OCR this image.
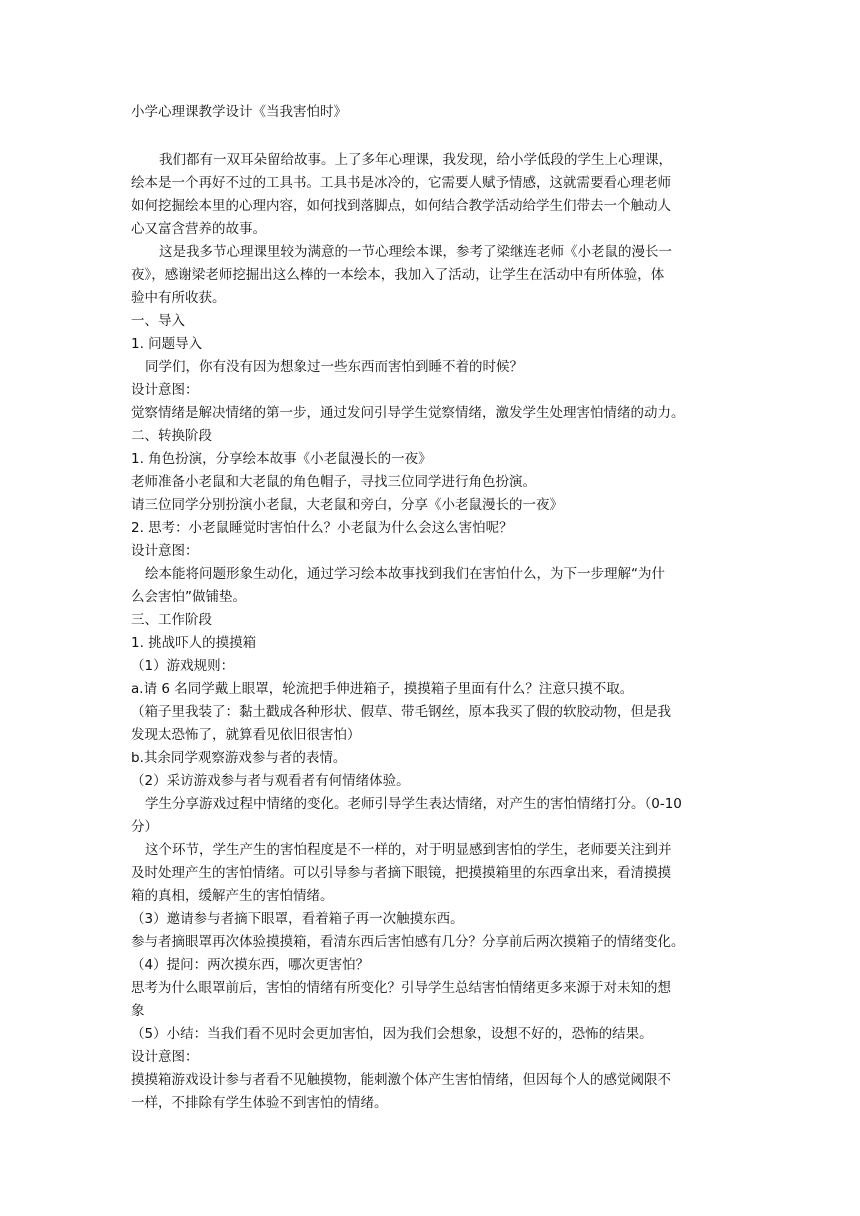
小学心理课教学设计《当我害怕时》

我们都有一双耳朵留给故事。上了多年心理课，我发现，给小学低段的学生上心理课，

绘本是一个再好不过的工具书。工具书是冰冷的，它需要人赋予情感，这就需要看心理老师

如何挖掘绘本里的心理内容，如何找到落脚点，如何结合教学活动给学生们带去一个触动人

心又富含营养的故事。

这是我多节心理课里较为满意的一节心理绘本课，参考了梁继连老师《小老鼠的漫长一

夜》，感谢梁老师挖掘出这么棒的一本绘本，我加入了活动，让学生在活动中有所体验，体

验中有所收获。

一、导入

1. 问题导入

同学们，你有没有因为想象过一些东西而害怕到睡不着的时候？

设计意图：

觉察情绪是解决情绪的第一步，通过发问引导学生觉察情绪，激发学生处理害怕情绪的动力。

二、转换阶段

1. 角色扮演，分享绘本故事《小老鼠漫长的一夜》

老师准备小老鼠和大老鼠的角色帽子，寻找三位同学进行角色扮演。

请三位同学分别扮演小老鼠，大老鼠和旁白，分享《小老鼠漫长的一夜》

2. 思考：小老鼠睡觉时害怕什么？小老鼠为什么会这么害怕呢？

设计意图：

绘本能将问题形象生动化，通过学习绘本故事找到我们在害怕什么，为下一步理解“为什

么会害怕”做铺垫。

三、工作阶段

1. 挑战吓人的摸摸箱

（1）游戏规则：

a.请 6 名同学戴上眼罩，轮流把手伸进箱子，摸摸箱子里面有什么？注意只摸不取。

（箱子里我装了：黏土戳成各种形状、假草、带毛钢丝，原本我买了假的软胶动物，但是我

发现太恐怖了，就算看见依旧很害怕）

b.其余同学观察游戏参与者的表情。

（2）采访游戏参与者与观看者有何情绪体验。

学生分享游戏过程中情绪的变化。老师引导学生表达情绪，对产生的害怕情绪打分。（0-10

分）

这个环节，学生产生的害怕程度是不一样的，对于明显感到害怕的学生，老师要关注到并

及时处理产生的害怕情绪。可以引导参与者摘下眼镜，把摸摸箱里的东西拿出来，看清摸摸

箱的真相，缓解产生的害怕情绪。

（3）邀请参与者摘下眼罩，看着箱子再一次触摸东西。

参与者摘眼罩再次体验摸摸箱，看清东西后害怕感有几分？分享前后两次摸箱子的情绪变化。

（4）提问：两次摸东西，哪次更害怕？

思考为什么眼罩前后，害怕的情绪有所变化？引导学生总结害怕情绪更多来源于对未知的想

象

（5）小结：当我们看不见时会更加害怕，因为我们会想象，设想不好的，恐怖的结果。

设计意图：

摸摸箱游戏设计参与者看不见触摸物，能刺激个体产生害怕情绪，但因每个人的感觉阈限不

一样，不排除有学生体验不到害怕的情绪。
